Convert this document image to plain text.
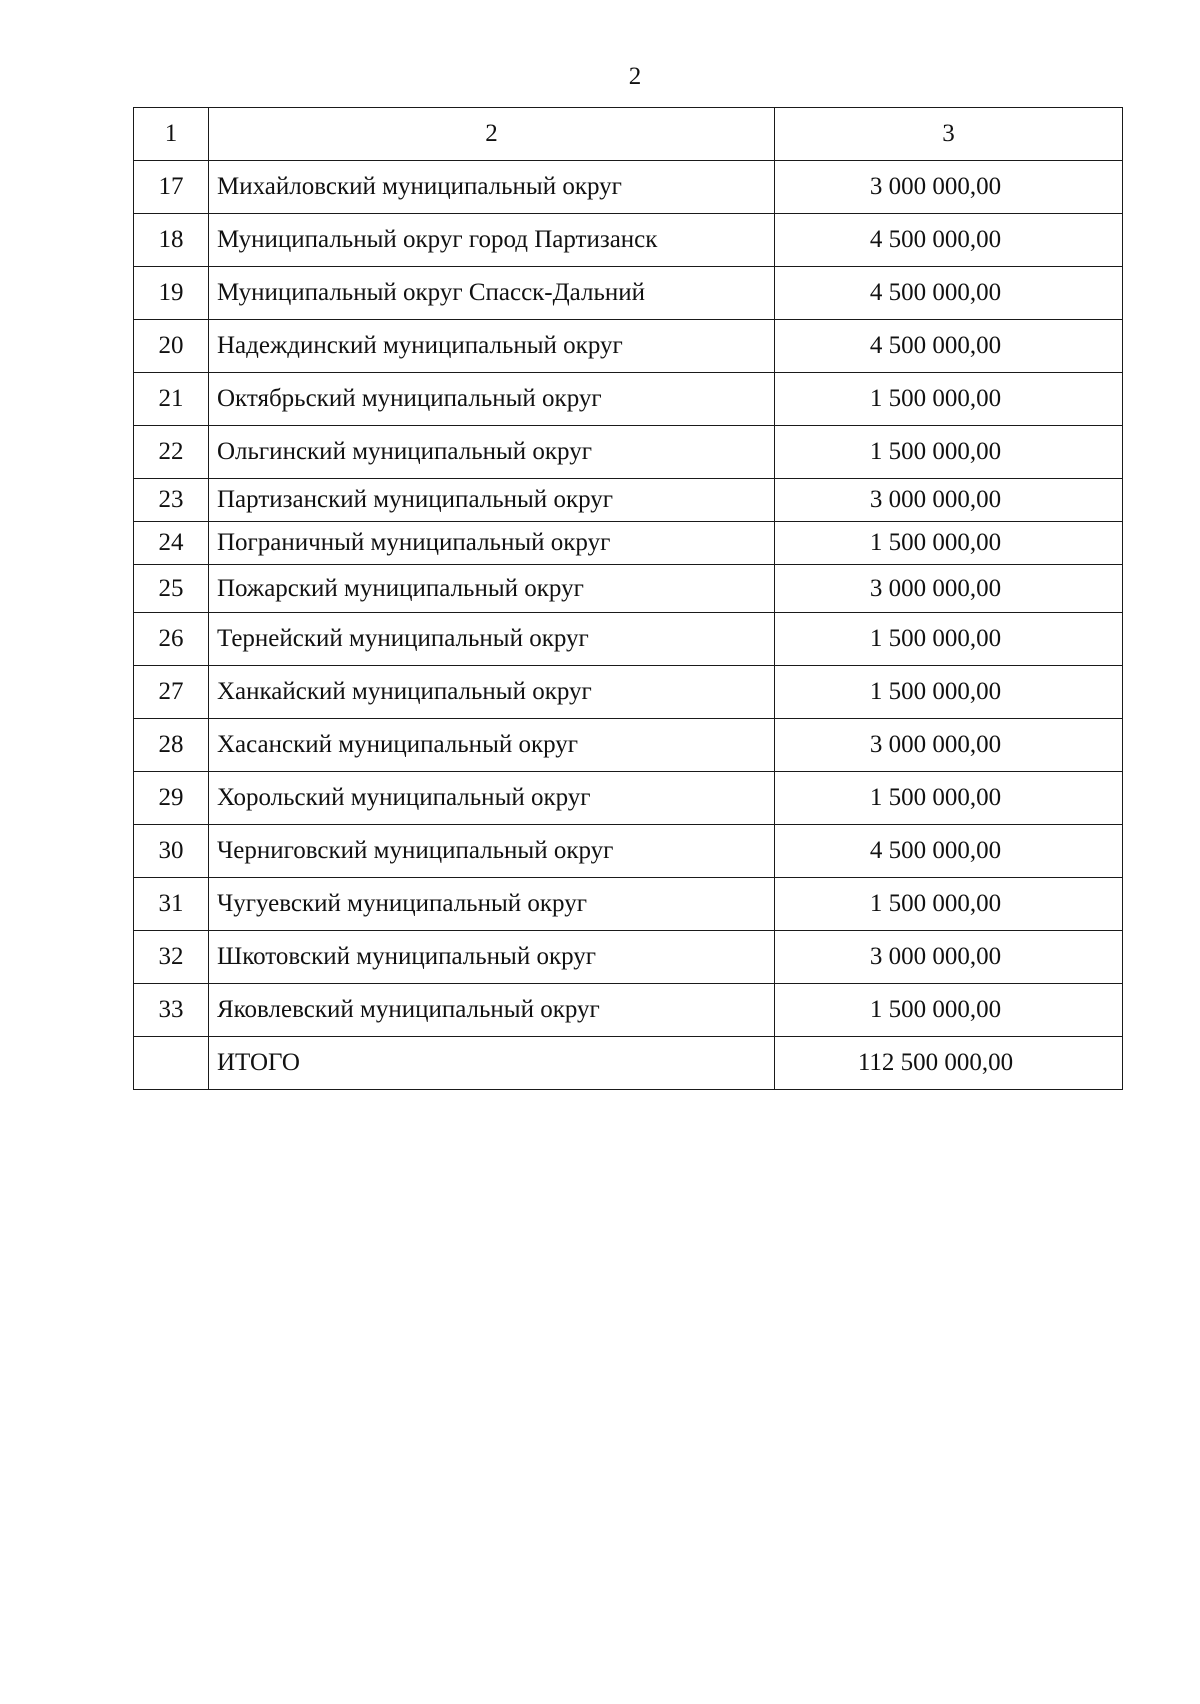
2
1	2	3
17	Михайловский муниципальный округ	3 000 000,00
18	Муниципальный округ город Партизанск	4 500 000,00
19	Муниципальный округ Спасск-Дальний	4 500 000,00
20	Надеждинский муниципальный округ	4 500 000,00
21	Октябрьский муниципальный округ	1 500 000,00
22	Ольгинский муниципальный округ	1 500 000,00
23	Партизанский муниципальный округ	3 000 000,00
24	Пограничный муниципальный округ	1 500 000,00
25	Пожарский муниципальный округ	3 000 000,00
26	Тернейский муниципальный округ	1 500 000,00
27	Ханкайский муниципальный округ	1 500 000,00
28	Хасанский муниципальный округ	3 000 000,00
29	Хорольский муниципальный округ	1 500 000,00
30	Черниговский муниципальный округ	4 500 000,00
31	Чугуевский муниципальный округ	1 500 000,00
32	Шкотовский муниципальный округ	3 000 000,00
33	Яковлевский муниципальный округ	1 500 000,00
	ИТОГО	112 500 000,00
